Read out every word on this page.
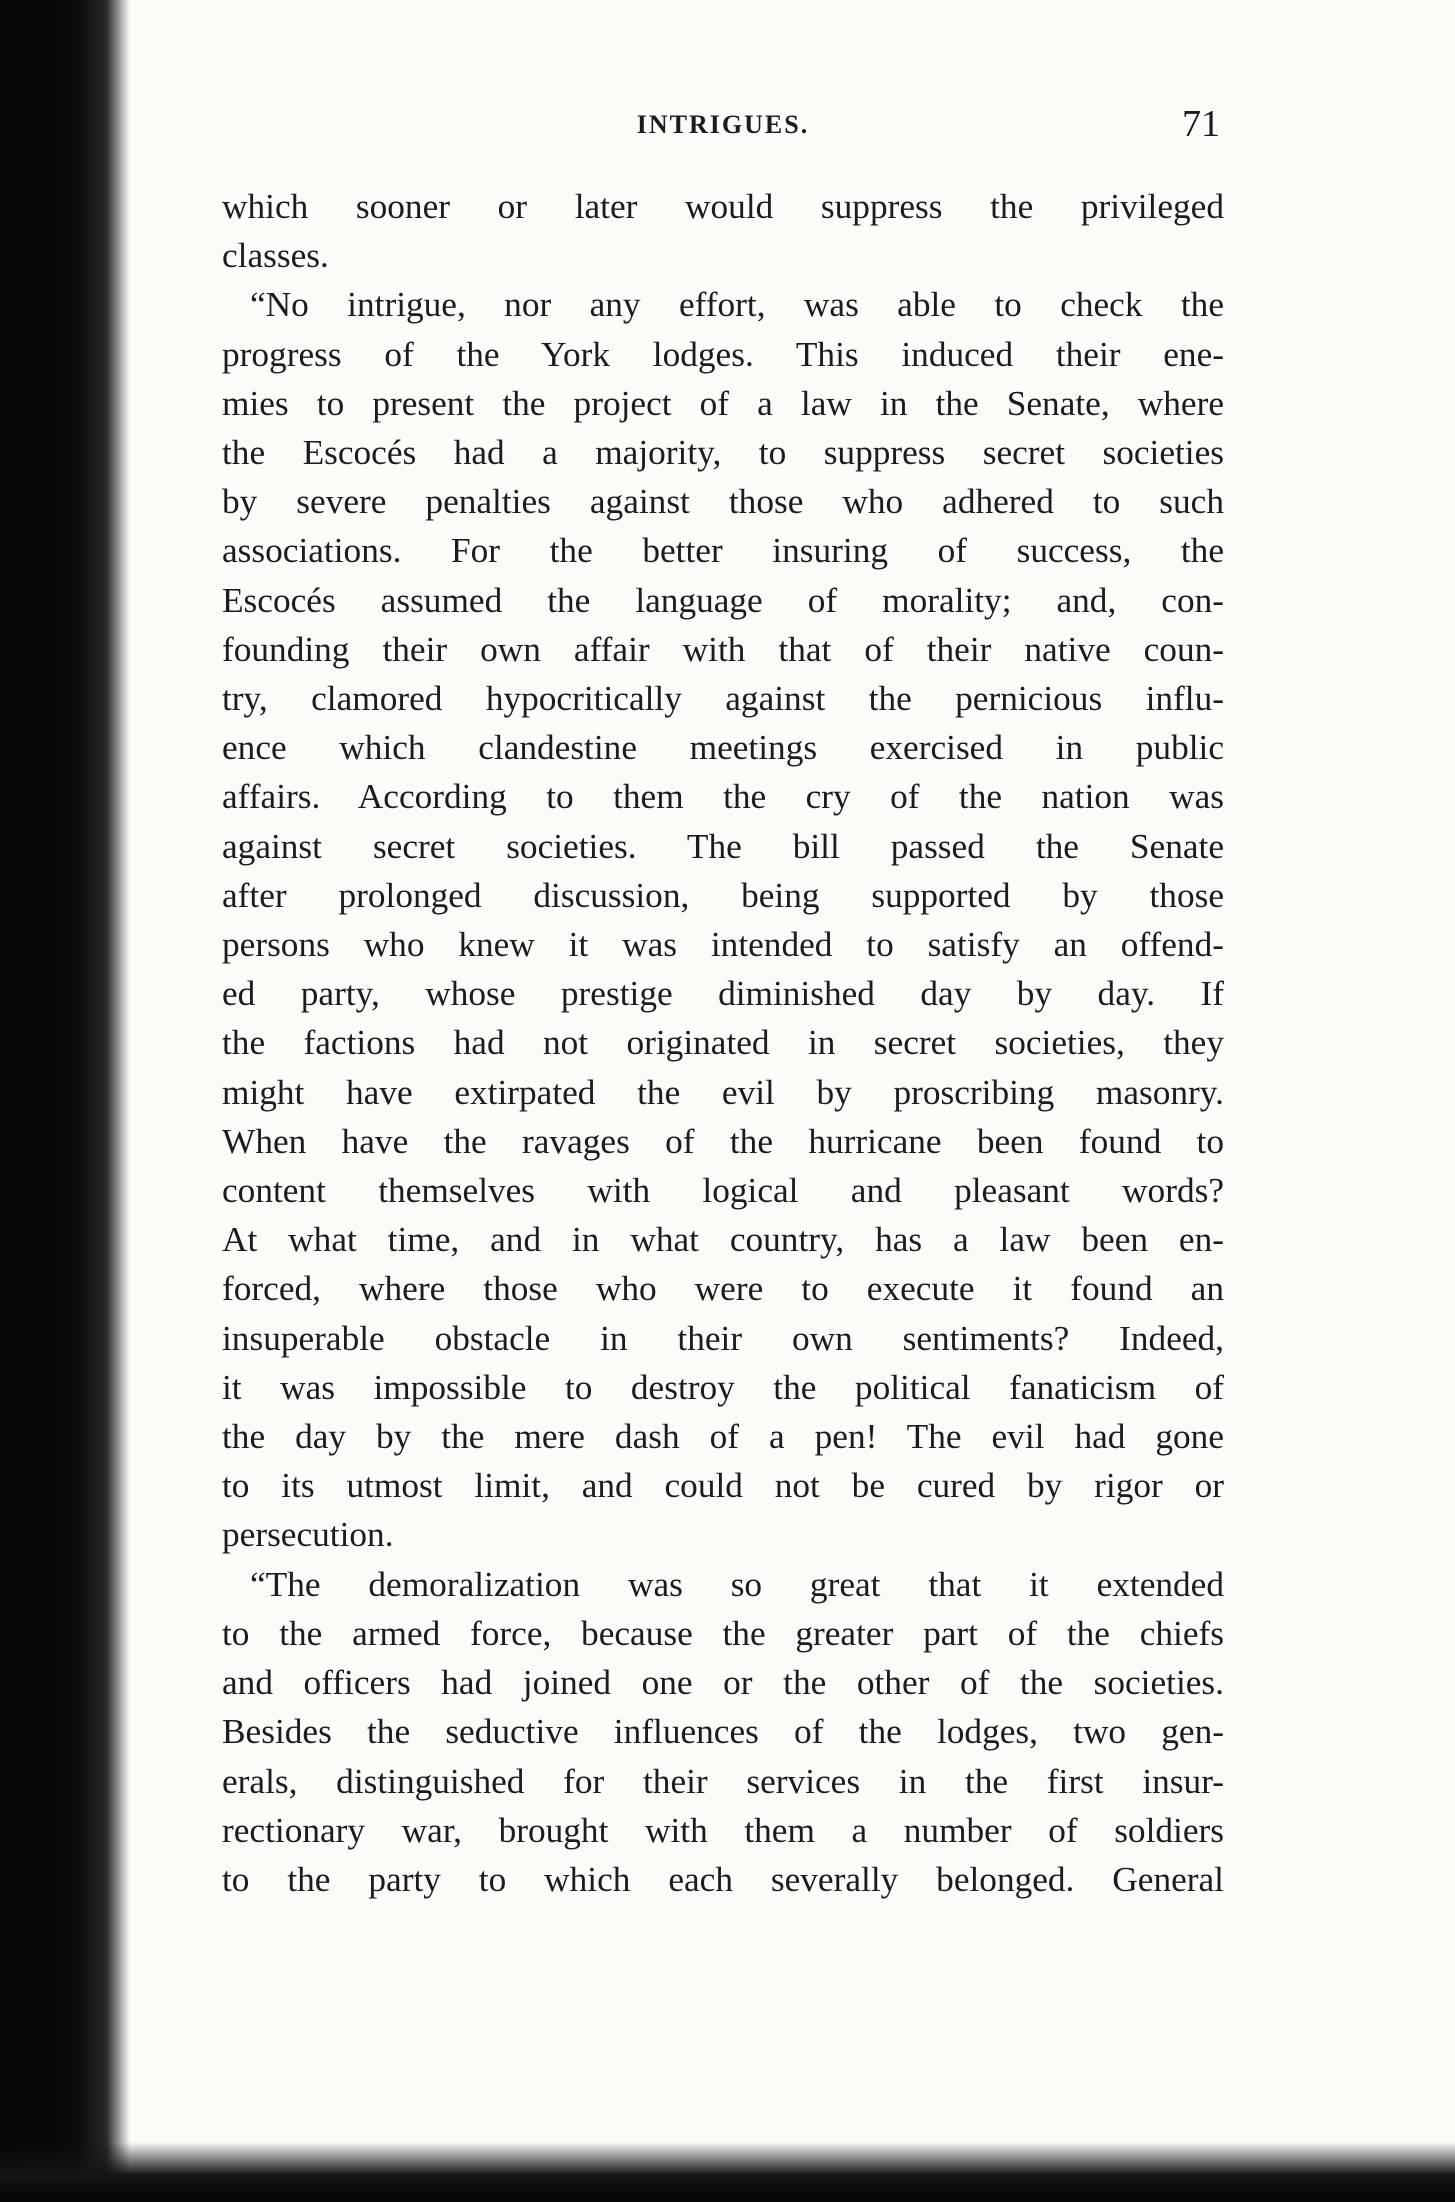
INTRIGUES.	71
which sooner or later would suppress the privileged
classes.
“No intrigue, nor any effort, was able to check the
progress of the York lodges. This induced their ene-
mies to present the project of a law in the Senate, where
the Escocés had a majority, to suppress secret societies
by severe penalties against those who adhered to such
associations. For the better insuring of success, the
Escocés assumed the language of morality; and, con-
founding their own affair with that of their native coun-
try, clamored hypocritically against the pernicious influ-
ence which clandestine meetings exercised in public
affairs. According to them the cry of the nation was
against secret societies. The bill passed the Senate
after prolonged discussion, being supported by those
persons who knew it was intended to satisfy an offend-
ed party, whose prestige diminished day by day. If
the factions had not originated in secret societies, they
might have extirpated the evil by proscribing masonry.
When have the ravages of the hurricane been found to
content themselves with logical and pleasant words?
At what time, and in what country, has a law been en-
forced, where those who were to execute it found an
insuperable obstacle in their own sentiments? Indeed,
it was impossible to destroy the political fanaticism of
the day by the mere dash of a pen! The evil had gone
to its utmost limit, and could not be cured by rigor or
persecution.
“The demoralization was so great that it extended
to the armed force, because the greater part of the chiefs
and officers had joined one or the other of the societies.
Besides the seductive influences of the lodges, two gen-
erals, distinguished for their services in the first insur-
rectionary war, brought with them a number of soldiers
to the party to which each severally belonged. General
